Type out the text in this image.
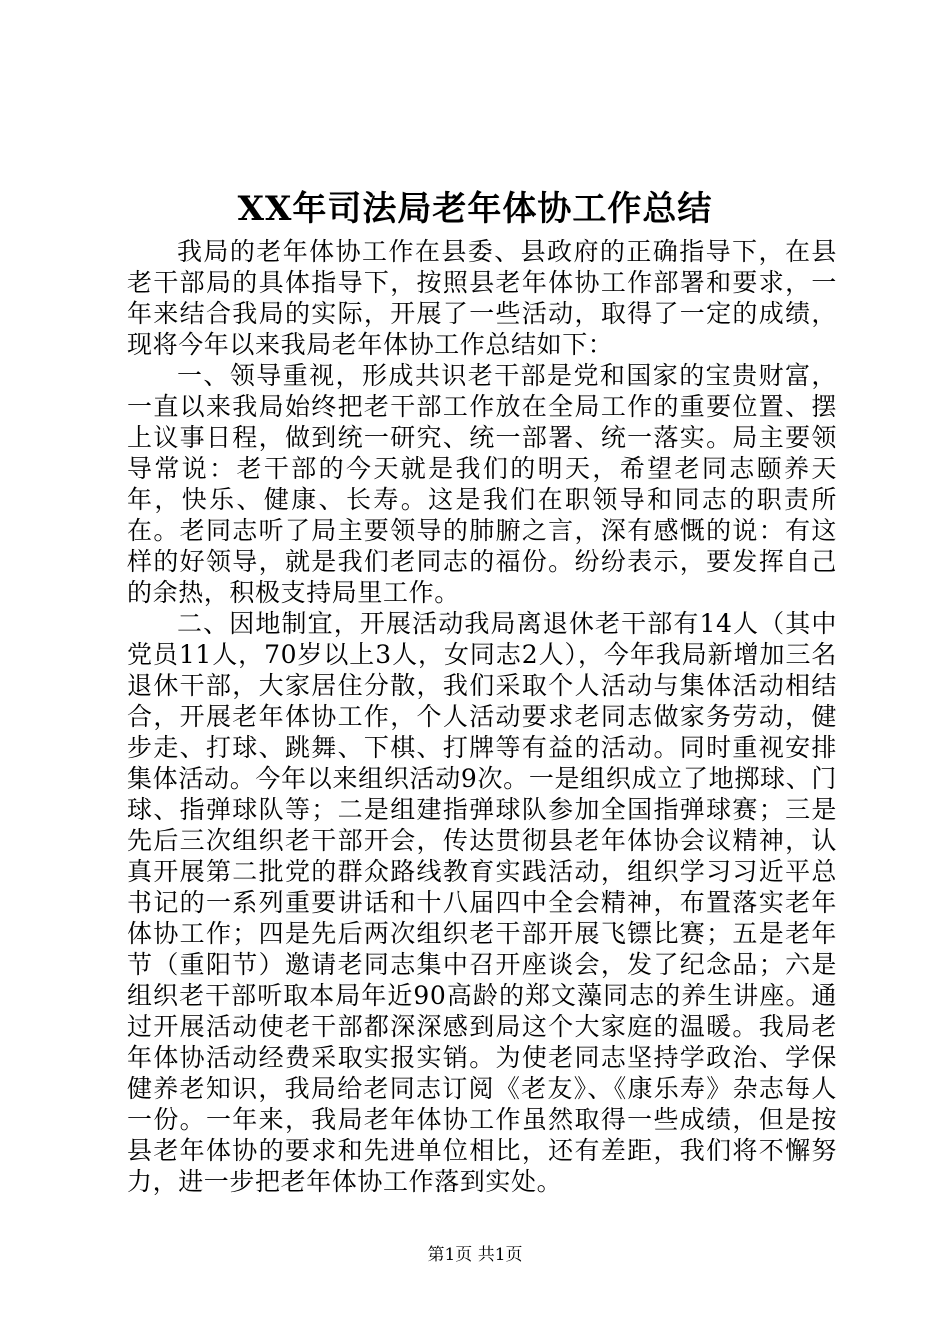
XX年司法局老年体协工作总结

我局的老年体协工作在县委、县政府的正确指导下，在县老干部局的具体指导下，按照县老年体协工作部署和要求，一年来结合我局的实际，开展了一些活动，取得了一定的成绩，现将今年以来我局老年体协工作总结如下：

一、领导重视，形成共识老干部是党和国家的宝贵财富，一直以来我局始终把老干部工作放在全局工作的重要位置、摆上议事日程，做到统一研究、统一部署、统一落实。局主要领导常说：老干部的今天就是我们的明天，希望老同志颐养天年，快乐、健康、长寿。这是我们在职领导和同志的职责所在。老同志听了局主要领导的肺腑之言，深有感慨的说：有这样的好领导，就是我们老同志的福份。纷纷表示，要发挥自己的余热，积极支持局里工作。

二、因地制宜，开展活动我局离退休老干部有14人（其中党员11人，70岁以上3人，女同志2人），今年我局新增加三名退休干部，大家居住分散，我们采取个人活动与集体活动相结合，开展老年体协工作，个人活动要求老同志做家务劳动，健步走、打球、跳舞、下棋、打牌等有益的活动。同时重视安排集体活动。今年以来组织活动9次。一是组织成立了地掷球、门球、指弹球队等；二是组建指弹球队参加全国指弹球赛；三是先后三次组织老干部开会，传达贯彻县老年体协会议精神，认真开展第二批党的群众路线教育实践活动，组织学习习近平总书记的一系列重要讲话和十八届四中全会精神，布置落实老年体协工作；四是先后两次组织老干部开展飞镖比赛；五是老年节（重阳节）邀请老同志集中召开座谈会，发了纪念品；六是组织老干部听取本局年近90高龄的郑文藻同志的养生讲座。通过开展活动使老干部都深深感到局这个大家庭的温暖。我局老年体协活动经费采取实报实销。为使老同志坚持学政治、学保健养老知识，我局给老同志订阅《老友》、《康乐寿》杂志每人一份。一年来，我局老年体协工作虽然取得一些成绩，但是按县老年体协的要求和先进单位相比，还有差距，我们将不懈努力，进一步把老年体协工作落到实处。

第1页 共1页
